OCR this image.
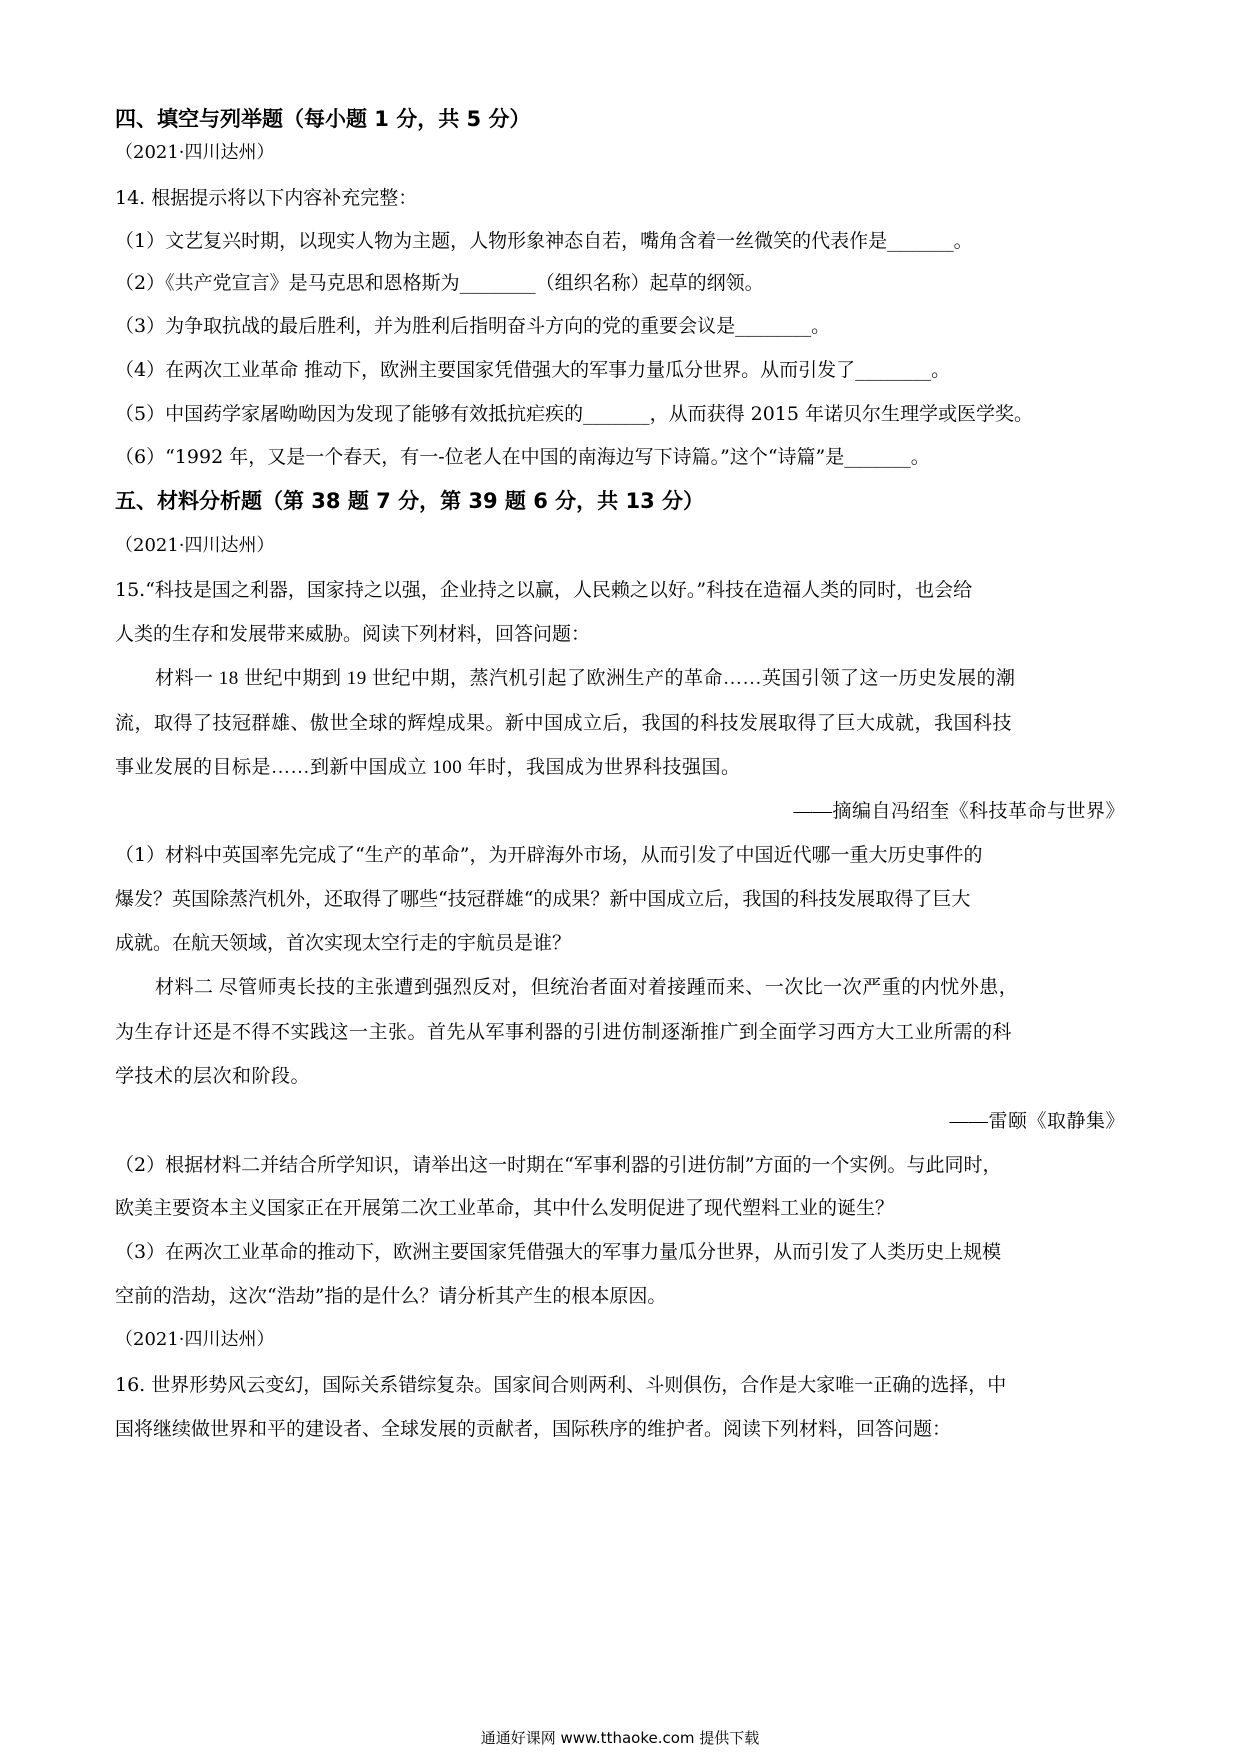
四、填空与列举题（每小题 1 分，共 5 分）
（2021·四川达州）
14. 根据提示将以下内容补充完整：
（1）文艺复兴时期，以现实人物为主题，人物形象神态自若，嘴角含着一丝微笑的代表作是_______。
（2）《共产党宣言》是马克思和恩格斯为________（组织名称）起草的纲领。
（3）为争取抗战的最后胜利，并为胜利后指明奋斗方向的党的重要会议是________。
（4）在两次工业革命 推动下，欧洲主要国家凭借强大的军事力量瓜分世界。从而引发了________。
（5）中国药学家屠呦呦因为发现了能够有效抵抗疟疾的_______，从而获得 2015 年诺贝尔生理学或医学奖。
（6）“1992 年，又是一个春天，有一-位老人在中国的南海边写下诗篇。”这个“诗篇”是_______。
五、材料分析题（第 38 题 7 分，第 39 题 6 分，共 13 分）
（2021·四川达州）
15.“科技是国之利器，国家持之以强，企业持之以赢，人民赖之以好。”科技在造福人类的同时，也会给
人类的生存和发展带来威胁。阅读下列材料，回答问题：
材料一 18 世纪中期到 19 世纪中期，蒸汽机引起了欧洲生产的革命……英国引领了这一历史发展的潮
流，取得了技冠群雄、傲世全球的辉煌成果。新中国成立后，我国的科技发展取得了巨大成就，我国科技
事业发展的目标是……到新中国成立 100 年时，我国成为世界科技强国。
——摘编自冯绍奎《科技革命与世界》
（1）材料中英国率先完成了“生产的革命”，为开辟海外市场，从而引发了中国近代哪一重大历史事件的
爆发？英国除蒸汽机外，还取得了哪些“技冠群雄“的成果？新中国成立后，我国的科技发展取得了巨大
成就。在航天领域，首次实现太空行走的宇航员是谁？
材料二 尽管师夷长技的主张遭到强烈反对，但统治者面对着接踵而来、一次比一次严重的内忧外患，
为生存计还是不得不实践这一主张。首先从军事利器的引进仿制逐渐推广到全面学习西方大工业所需的科
学技术的层次和阶段。
——雷颐《取静集》
（2）根据材料二并结合所学知识，请举出这一时期在“军事利器的引进仿制”方面的一个实例。与此同时，
欧美主要资本主义国家正在开展第二次工业革命，其中什么发明促进了现代塑料工业的诞生？
（3）在两次工业革命的推动下，欧洲主要国家凭借强大的军事力量瓜分世界，从而引发了人类历史上规模
空前的浩劫，这次“浩劫”指的是什么？请分析其产生的根本原因。
（2021·四川达州）
16. 世界形势风云变幻，国际关系错综复杂。国家间合则两利、斗则俱伤，合作是大家唯一正确的选择，中
国将继续做世界和平的建设者、全球发展的贡献者，国际秩序的维护者。阅读下列材料，回答问题：
通通好课网 www.tthaoke.com 提供下载
